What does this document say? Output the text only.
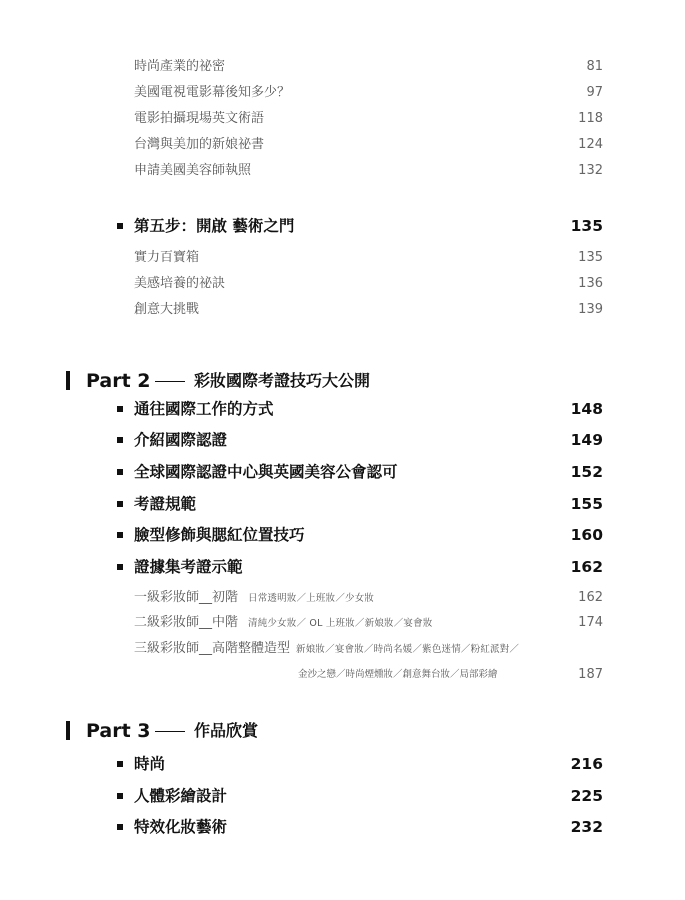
時尚產業的祕密	81
美國電視電影幕後知多少？	97
電影拍攝現場英文術語	118
台灣與美加的新娘祕書	124
申請美國美容師執照	132
第五步：開啟 藝術之門	135
實力百寶箱	135
美感培養的祕訣	136
創意大挑戰	139
Part 2	彩妝國際考證技巧大公開
通往國際工作的方式	148
介紹國際認證	149
全球國際認證中心與英國美容公會認可	152
考證規範	155
臉型修飾與腮紅位置技巧	160
證據集考證示範	162
一級彩妝師__初階 日常透明妝／上班妝／少女妝	162
二級彩妝師__中階 清純少女妝／ OL 上班妝／新娘妝／宴會妝	174
三級彩妝師__高階整體造型 新娘妝／宴會妝／時尚名媛／紫色迷情／粉紅派對／
金沙之戀／時尚煙燻妝／創意舞台妝／局部彩繪	187
Part 3	作品欣賞
時尚	216
人體彩繪設計	225
特效化妝藝術	232
